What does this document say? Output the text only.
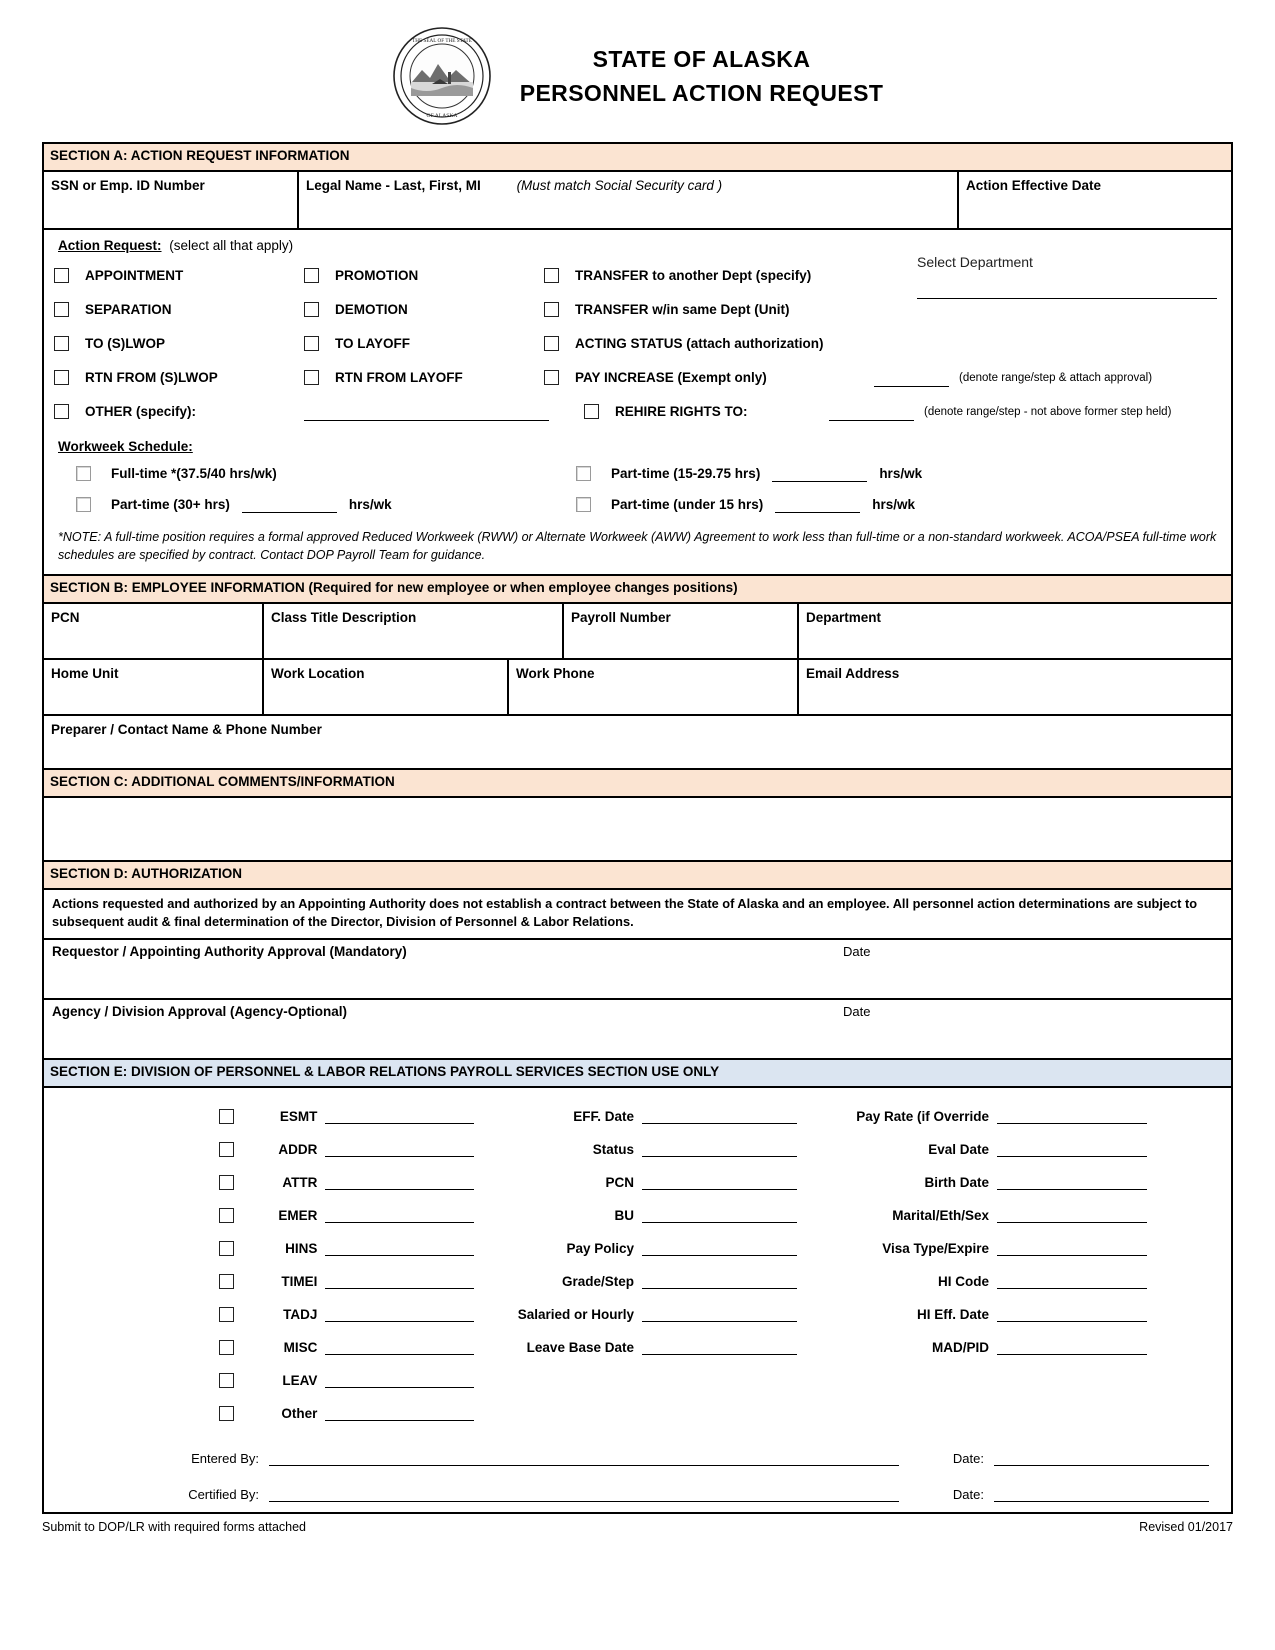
THE SEAL OF THE STATE
OF ALASKA
STATE OF ALASKA
PERSONNEL ACTION REQUEST
SECTION A: ACTION REQUEST INFORMATION
SSN or Emp. ID Number	Legal Name - Last, First, MI	(Must match Social Security card )	Action Effective Date
Action Request: (select all that apply)
Select Department
APPOINTMENT	PROMOTION	TRANSFER to another Dept (specify)
SEPARATION	DEMOTION	TRANSFER w/in same Dept (Unit)
TO (S)LWOP	TO LAYOFF	ACTING STATUS (attach authorization)
RTN FROM (S)LWOP	RTN FROM LAYOFF	PAY INCREASE (Exempt only)	(denote range/step & attach approval)
OTHER (specify):	REHIRE RIGHTS TO:	(denote range/step - not above former step held)
Workweek Schedule:
Full-time *(37.5/40 hrs/wk)	Part-time (15-29.75 hrs)	hrs/wk
Part-time (30+ hrs)	hrs/wk	Part-time (under 15 hrs)	hrs/wk
*NOTE: A full-time position requires a formal approved Reduced Workweek (RWW) or Alternate Workweek (AWW) Agreement to work less than full-time or a non-standard workweek. ACOA/PSEA full-time work schedules are specified by contract. Contact DOP Payroll Team for guidance.
SECTION B: EMPLOYEE INFORMATION (Required for new employee or when employee changes positions)
PCN	Class Title Description	Payroll Number	Department
Home Unit	Work Location	Work Phone	Email Address
Preparer / Contact Name & Phone Number
SECTION C: ADDITIONAL COMMENTS/INFORMATION
SECTION D: AUTHORIZATION
Actions requested and authorized by an Appointing Authority does not establish a contract between the State of Alaska and an employee. All personnel action determinations are subject to subsequent audit & final determination of the Director, Division of Personnel & Labor Relations.
Requestor / Appointing Authority Approval (Mandatory)	Date
Agency / Division Approval (Agency-Optional)	Date
SECTION E: DIVISION OF PERSONNEL & LABOR RELATIONS PAYROLL SERVICES SECTION USE ONLY
ESMT	EFF. Date	Pay Rate (if Override
ADDR	Status	Eval Date
ATTR	PCN	Birth Date
EMER	BU	Marital/Eth/Sex
HINS	Pay Policy	Visa Type/Expire
TIMEI	Grade/Step	HI Code
TADJ	Salaried or Hourly	HI Eff. Date
MISC	Leave Base Date	MAD/PID
LEAV
Other
Entered By:	Date:
Certified By:	Date:
Submit to DOP/LR with required forms attached	Revised 01/2017
